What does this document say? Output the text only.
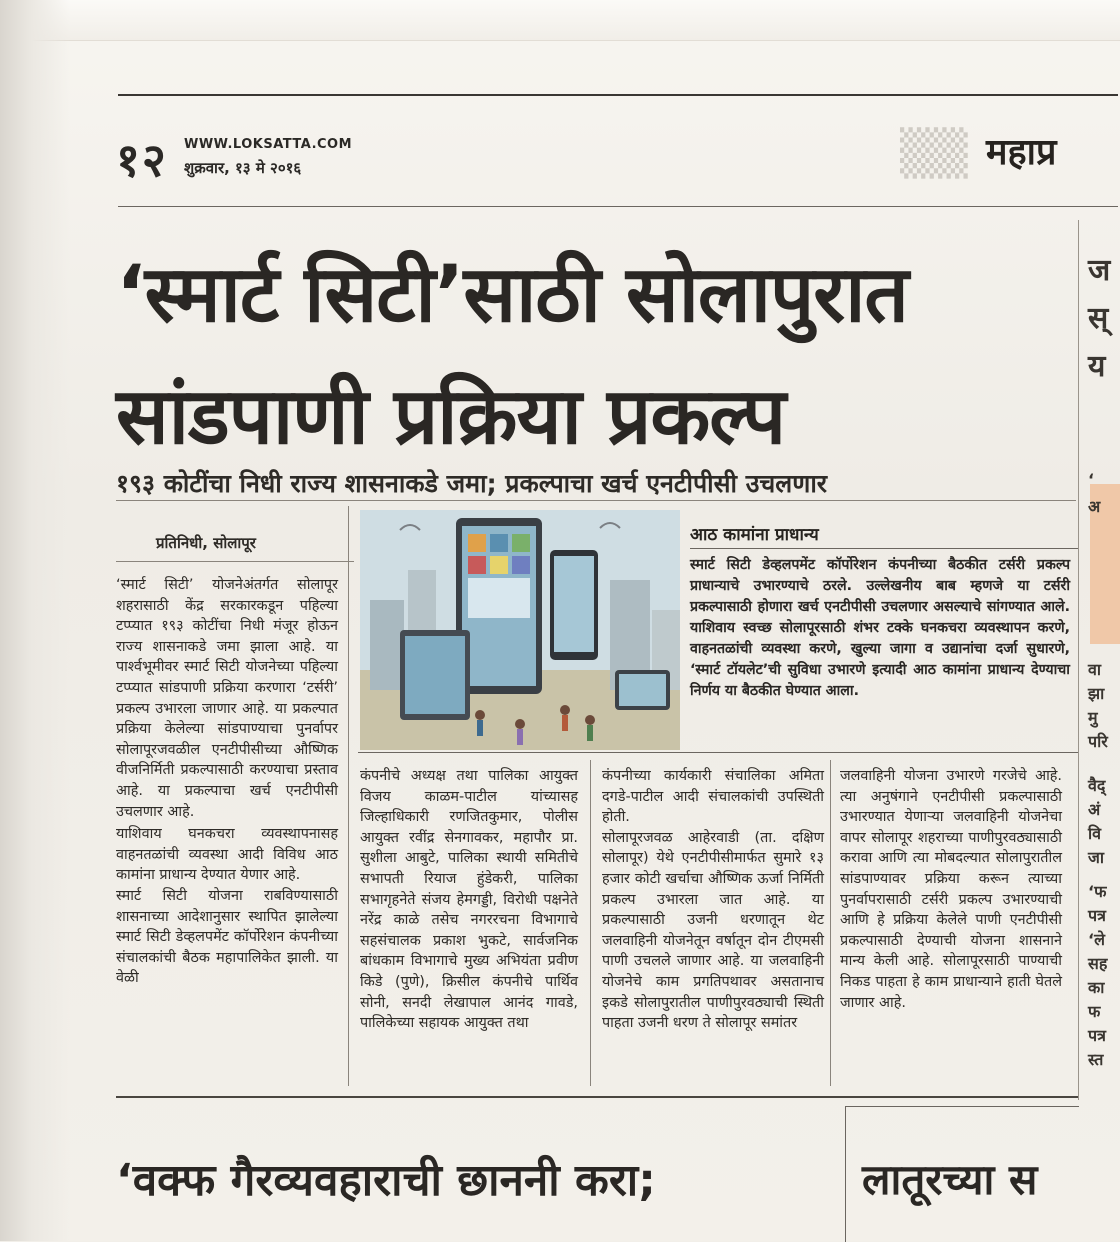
▒▒
१२ WWW.LOKSATTA.COM
शुक्रवार, १३ मे २०१६	महाप्र
‘स्मार्ट सिटी’साठी सोलापुरात
सांडपाणी प्रक्रिया प्रकल्प
१९३ कोटींचा निधी राज्य शासनाकडे जमा; प्रकल्पाचा खर्च एनटीपीसी उचलणार
प्रतिनिधी, सोलापूर

‘स्मार्ट सिटी’ योजनेअंतर्गत सोलापूर शहरासाठी केंद्र सरकारकडून पहिल्या टप्प्यात १९३ कोटींचा निधी मंजूर होऊन राज्य शासनाकडे जमा झाला आहे. या पार्श्वभूमीवर स्मार्ट सिटी योजनेच्या पहिल्या टप्प्यात सांडपाणी प्रक्रिया करणारा ‘टर्सरी’ प्रकल्प उभारला जाणार आहे. या प्रकल्पात प्रक्रिया केलेल्या सांडपाण्याचा पुनर्वापर सोलापूरजवळील एनटीपीसीच्या औष्णिक वीजनिर्मिती प्रकल्पासाठी करण्याचा प्रस्ताव आहे. या प्रकल्पाचा खर्च एनटीपीसी उचलणार आहे.

याशिवाय घनकचरा व्यवस्थापनासह वाहनतळांची व्यवस्था आदी विविध आठ कामांना प्राधान्य देण्यात येणार आहे.

स्मार्ट सिटी योजना राबविण्यासाठी शासनाच्या आदेशानुसार स्थापित झालेल्या स्मार्ट सिटी डेव्हलपमेंट कॉर्पोरेशन कंपनीच्या संचालकांची बैठक महापालिकेत झाली. या वेळी

आठ कामांना प्राधान्य
स्मार्ट सिटी डेव्हलपमेंट कॉर्पोरेशन कंपनीच्या बैठकीत टर्सरी प्रकल्प प्राधान्याचे उभारण्याचे ठरले. उल्लेखनीय बाब म्हणजे या टर्सरी प्रकल्पासाठी होणारा खर्च एनटीपीसी उचलणार असल्याचे सांगण्यात आले. याशिवाय स्वच्छ सोलापूरसाठी शंभर टक्के घनकचरा व्यवस्थापन करणे, वाहनतळांची व्यवस्था करणे, खुल्या जागा व उद्यानांचा दर्जा सुधारणे, ‘स्मार्ट टॉयलेट’ची सुविधा उभारणे इत्यादी आठ कामांना प्राधान्य देण्याचा निर्णय या बैठकीत घेण्यात आला.

कंपनीचे अध्यक्ष तथा पालिका आयुक्त विजय काळम-पाटील यांच्यासह जिल्हाधिकारी रणजितकुमार, पोलीस आयुक्त रवींद्र सेनगावकर, महापौर प्रा. सुशीला आबुटे, पालिका स्थायी समितीचे सभापती रियाज हुंडेकरी, पालिका सभागृहनेते संजय हेमगड्डी, विरोधी पक्षनेते नरेंद्र काळे तसेच नगररचना विभागाचे सहसंचालक प्रकाश भुकटे, सार्वजनिक बांधकाम विभागाचे मुख्य अभियंता प्रवीण किडे (पुणे), क्रिसील कंपनीचे पार्थिव सोनी, सनदी लेखापाल आनंद गावडे, पालिकेच्या सहायक आयुक्त तथा

कंपनीच्या कार्यकारी संचालिका अमिता दगडे-पाटील आदी संचालकांची उपस्थिती होती.

सोलापूरजवळ आहेरवाडी (ता. दक्षिण सोलापूर) येथे एनटीपीसीमार्फत सुमारे १३ हजार कोटी खर्चाचा औष्णिक ऊर्जा निर्मिती प्रकल्प उभारला जात आहे. या प्रकल्पासाठी उजनी धरणातून थेट जलवाहिनी योजनेतून वर्षातून दोन टीएमसी पाणी उचलले जाणार आहे. या जलवाहिनी योजनेचे काम प्रगतिपथावर असतानाच इकडे सोलापुरातील पाणीपुरवठ्याची स्थिती पाहता उजनी धरण ते सोलापूर समांतर

जलवाहिनी योजना उभारणे गरजेचे आहे. त्या अनुषंगाने एनटीपीसी प्रकल्पासाठी उभारण्यात येणाऱ्या जलवाहिनी योजनेचा वापर सोलापूर शहराच्या पाणीपुरवठ्यासाठी करावा आणि त्या मोबदल्यात सोलापुरातील सांडपाण्यावर प्रक्रिया करून त्याच्या पुनर्वापरासाठी टर्सरी प्रकल्प उभारण्याची आणि हे प्रक्रिया केलेले पाणी एनटीपीसी प्रकल्पासाठी देण्याची योजना शासनाने मान्य केली आहे. सोलापूरसाठी पाण्याची निकड पाहता हे काम प्राधान्याने हाती घेतले जाणार आहे.

‘वक्फ गैरव्यवहाराची छाननी करा;	लातूरच्या स
ज
स्
य
‘
अ
वा
झा
मु
परि
वैद्
अं
वि
जा
‘फ
पत्र
‘ले
सह
का
फ
पत्र
स्त
